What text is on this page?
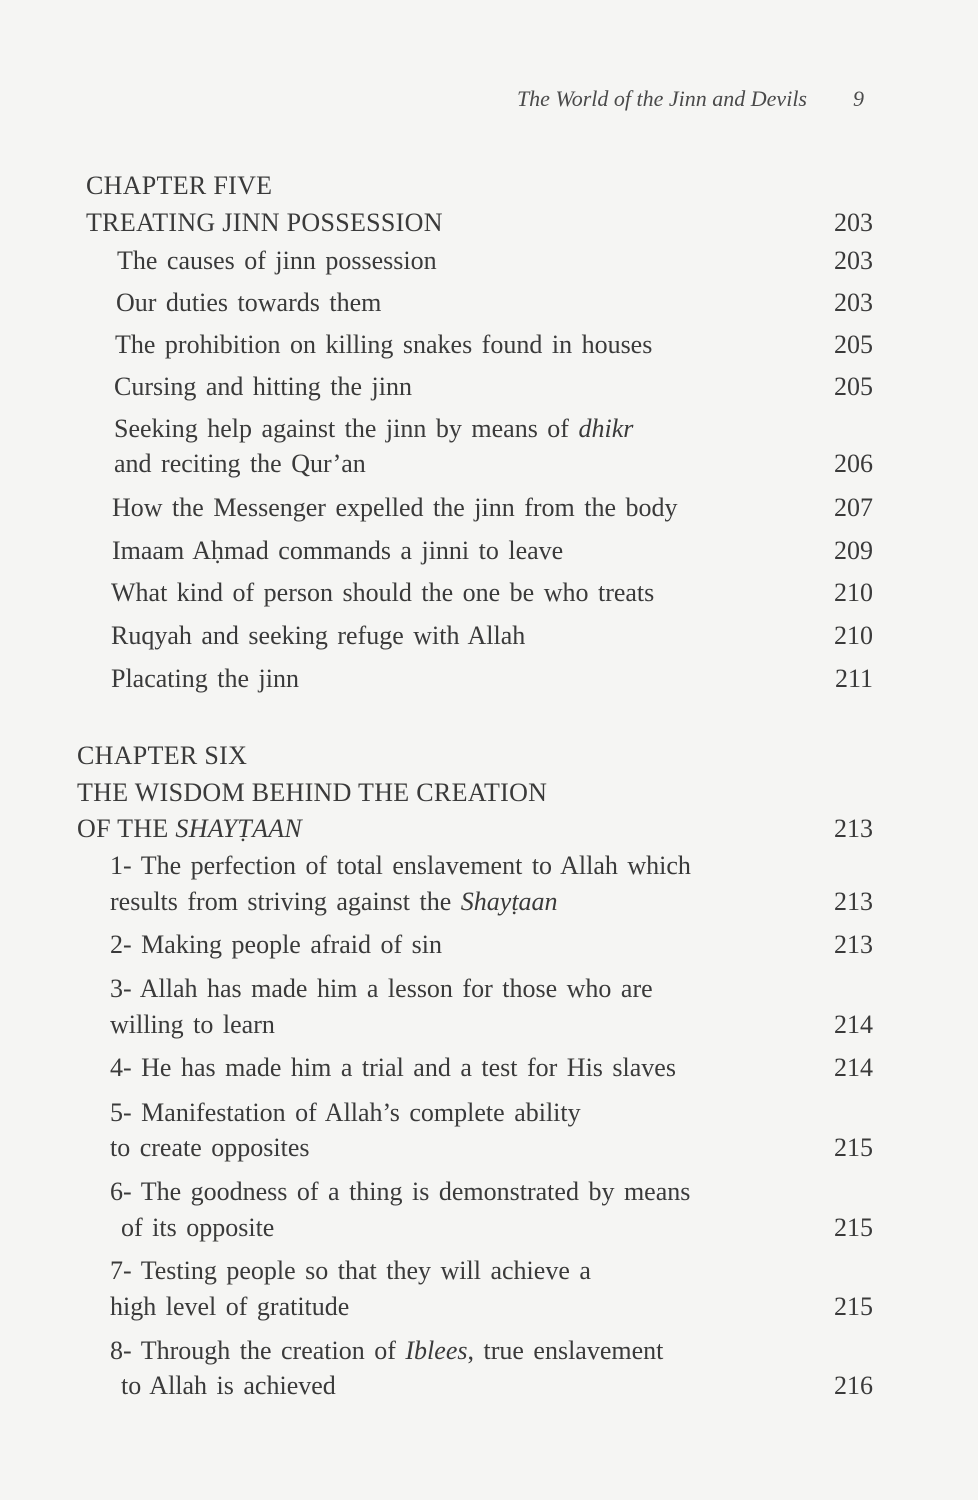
The World of the Jinn and Devils 9
CHAPTER FIVE
TREATING JINN POSSESSION	203
The causes of jinn possession	203
Our duties towards them	203
The prohibition on killing snakes found in houses	205
Cursing and hitting the jinn	205
Seeking help against the jinn by means of dhikr
and reciting the Qur’an	206
How the Messenger expelled the jinn from the body	207
Imaam Aḥmad commands a jinni to leave	209
What kind of person should the one be who treats	210
Ruqyah and seeking refuge with Allah	210
Placating the jinn	211
CHAPTER SIX
THE WISDOM BEHIND THE CREATION
OF THE SHAYṬAAN	213
1- The perfection of total enslavement to Allah which
results from striving against the Shayṭaan	213
2- Making people afraid of sin	213
3- Allah has made him a lesson for those who are
willing to learn	214
4- He has made him a trial and a test for His slaves	214
5- Manifestation of Allah’s complete ability
to create opposites	215
6- The goodness of a thing is demonstrated by means
of its opposite	215
7- Testing people so that they will achieve a
high level of gratitude	215
8- Through the creation of Iblees, true enslavement
to Allah is achieved	216
